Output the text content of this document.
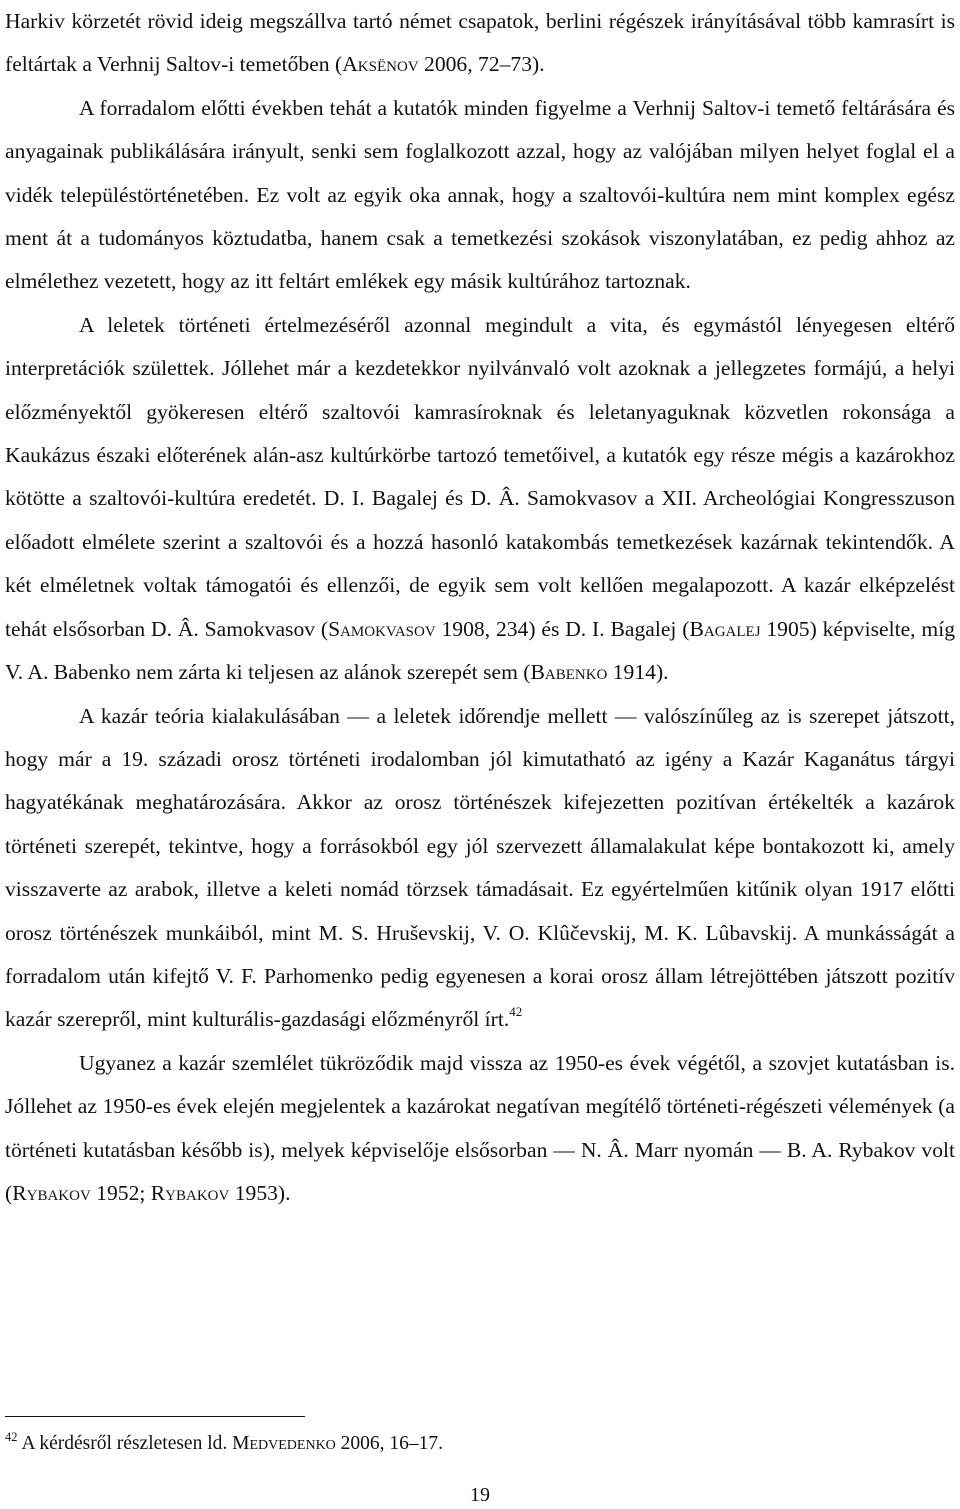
Harkiv körzetét rövid ideig megszállva tartó német csapatok, berlini régészek irányításával több kamrasírt is feltártak a Verhnij Saltov-i temetőben (Aksënov 2006, 72–73).

A forradalom előtti években tehát a kutatók minden figyelme a Verhnij Saltov-i temető feltárására és anyagainak publikálására irányult, senki sem foglalkozott azzal, hogy az valójában milyen helyet foglal el a vidék településtörténetében. Ez volt az egyik oka annak, hogy a szaltovói-kultúra nem mint komplex egész ment át a tudományos köztudatba, hanem csak a temetkezési szokások viszonylatában, ez pedig ahhoz az elmélethez vezetett, hogy az itt feltárt emlékek egy másik kultúrához tartoznak.

A leletek történeti értelmezéséről azonnal megindult a vita, és egymástól lényegesen eltérő interpretációk születtek. Jóllehet már a kezdetekkor nyilvánvaló volt azoknak a jellegzetes formájú, a helyi előzményektől gyökeresen eltérő szaltovói kamrasíroknak és leletanyaguknak közvetlen rokonsága a Kaukázus északi előterének alán-asz kultúrkörbe tartozó temetőivel, a kutatók egy része mégis a kazárokhoz kötötte a szaltovói-kultúra eredetét. D. I. Bagalej és D. Â. Samokvasov a XII. Archeológiai Kongresszuson előadott elmélete szerint a szaltovói és a hozzá hasonló katakombás temetkezések kazárnak tekintendők. A két elméletnek voltak támogatói és ellenzői, de egyik sem volt kellően megalapozott. A kazár elképzelést tehát elsősorban D. Â. Samokvasov (Samokvasov 1908, 234) és D. I. Bagalej (Bagalej 1905) képviselte, míg V. A. Babenko nem zárta ki teljesen az alánok szerepét sem (Babenko 1914).

A kazár teória kialakulásában — a leletek időrendje mellett — valószínűleg az is szerepet játszott, hogy már a 19. századi orosz történeti irodalomban jól kimutatható az igény a Kazár Kaganátus tárgyi hagyatékának meghatározására. Akkor az orosz történészek kifejezetten pozitívan értékelték a kazárok történeti szerepét, tekintve, hogy a forrásokból egy jól szervezett államalakulat képe bontakozott ki, amely visszaverte az arabok, illetve a keleti nomád törzsek támadásait. Ez egyértelműen kitűnik olyan 1917 előtti orosz történészek munkáiból, mint M. S. Hruševskij, V. O. Klûčevskij, M. K. Lûbavskij. A munkásságát a forradalom után kifejtő V. F. Parhomenko pedig egyenesen a korai orosz állam létrejöttében játszott pozitív kazár szerepről, mint kulturális-gazdasági előzményről írt.$^{42}$

Ugyanez a kazár szemlélet tükröződik majd vissza az 1950-es évek végétől, a szovjet kutatásban is. Jóllehet az 1950-es évek elején megjelentek a kazárokat negatívan megítélő történeti-régészeti vélemények (a történeti kutatásban később is), melyek képviselője elsősorban — N. Â. Marr nyomán — B. A. Rybakov volt (Rybakov 1952; Rybakov 1953).

$^{42}$ A kérdésről részletesen ld. Medvedenko 2006, 16–17.
19
